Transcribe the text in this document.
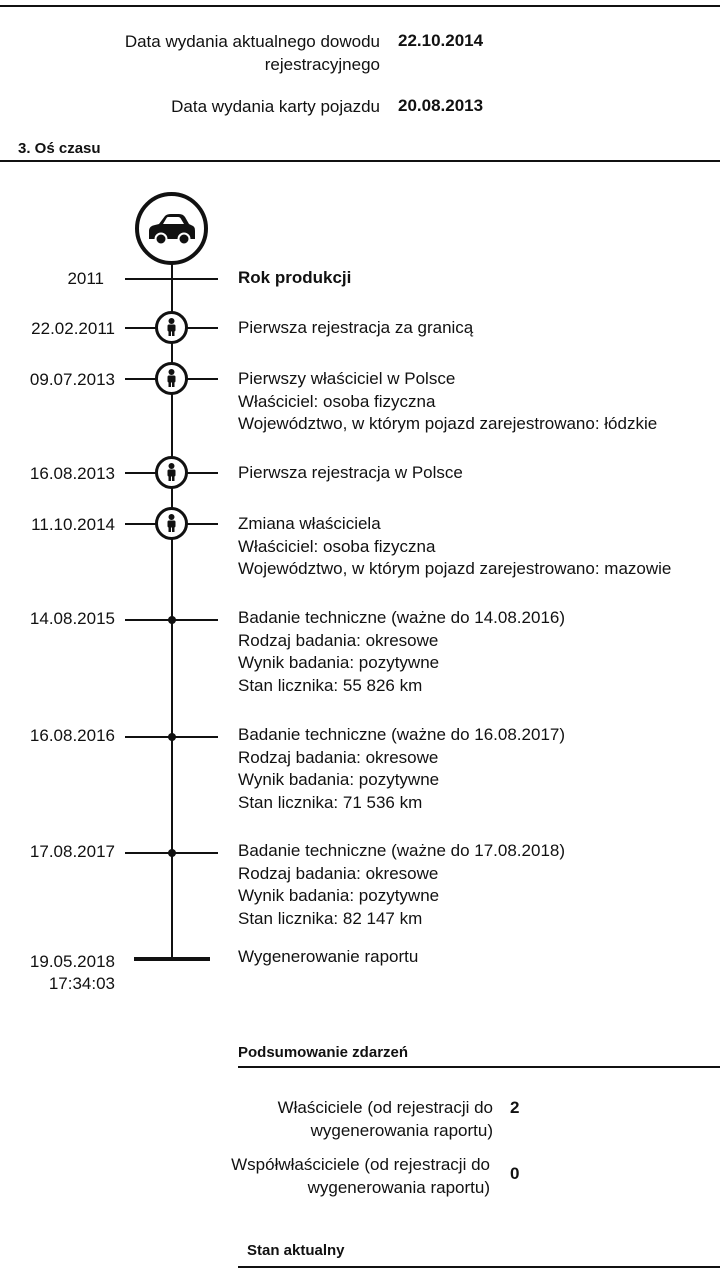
Data wydania aktualnego dowodu rejestracyjnego
22.10.2014
Data wydania karty pojazdu 20.08.2013
3. Oś czasu
2011	Rok produkcji
22.02.2011	Pierwsza rejestracja za granicą
09.07.2013	Pierwszy właściciel w Polsce
Właściciel: osoba fizyczna
Województwo, w którym pojazd zarejestrowano: łódzkie
16.08.2013	Pierwsza rejestracja w Polsce
11.10.2014	Zmiana właściciela
Właściciel: osoba fizyczna
Województwo, w którym pojazd zarejestrowano: mazowie
14.08.2015	Badanie techniczne (ważne do 14.08.2016)
Rodzaj badania: okresowe
Wynik badania: pozytywne
Stan licznika: 55 826 km
16.08.2016	Badanie techniczne (ważne do 16.08.2017)
Rodzaj badania: okresowe
Wynik badania: pozytywne
Stan licznika: 71 536 km
17.08.2017	Badanie techniczne (ważne do 17.08.2018)
Rodzaj badania: okresowe
Wynik badania: pozytywne
Stan licznika: 82 147 km
19.05.2018
17:34:03
Wygenerowanie raportu
Podsumowanie zdarzeń
Właściciele (od rejestracji do wygenerowania raportu)
2
Współwłaściciele (od rejestracji do wygenerowania raportu)
0
Stan aktualny
